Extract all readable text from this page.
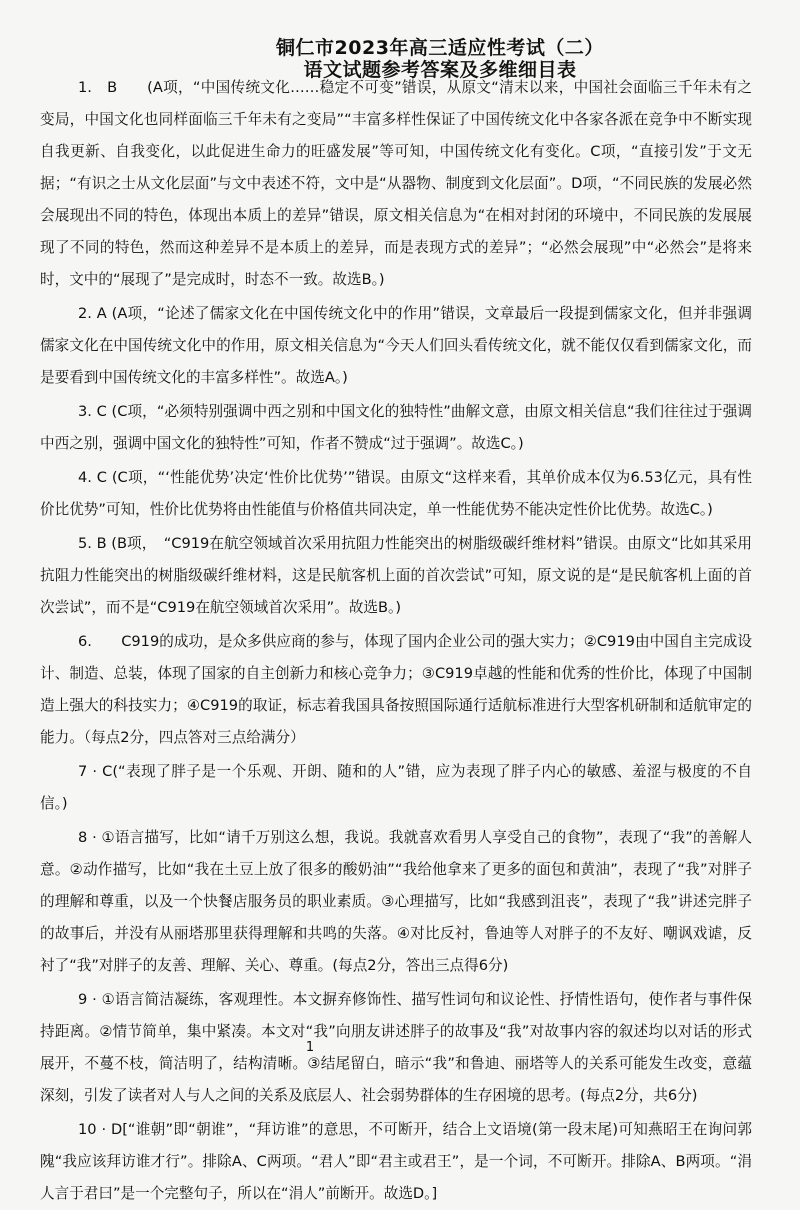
铜仁市2023年高三适应性考试（二）
语文试题参考答案及多维细目表

1.　B　　(A项，“中国传统文化……稳定不可变”错误，从原文“清末以来，中国社会面临三千年未有之变局，中国文化也同样面临三千年未有之变局”“丰富多样性保证了中国传统文化中各家各派在竞争中不断实现自我更新、自我变化，以此促进生命力的旺盛发展”等可知，中国传统文化有变化。C项，“直接引发”于文无据；“有识之士从文化层面”与文中表述不符，文中是“从器物、制度到文化层面”。D项，“不同民族的发展必然会展现出不同的特色，体现出本质上的差异”错误，原文相关信息为“在相对封闭的环境中，不同民族的发展展现了不同的特色，然而这种差异不是本质上的差异，而是表现方式的差异”；“必然会展现”中“必然会”是将来时，文中的“展现了”是完成时，时态不一致。故选B。)

2. A (A项，“论述了儒家文化在中国传统文化中的作用”错误，文章最后一段提到儒家文化，但并非强调儒家文化在中国传统文化中的作用，原文相关信息为“今天人们回头看传统文化，就不能仅仅看到儒家文化，而是要看到中国传统文化的丰富多样性”。故选A。)

3. C (C项，“必须特别强调中西之别和中国文化的独特性”曲解文意，由原文相关信息“我们往往过于强调中西之别，强调中国文化的独特性”可知，作者不赞成“过于强调”。故选C。)

4. C (C项，“‘性能优势’决定‘性价比优势’”错误。由原文“这样来看，其单价成本仅为6.53亿元，具有性价比优势”可知，性价比优势将由性能值与价格值共同决定，单一性能优势不能决定性价比优势。故选C。)

5. B (B项，　“C919在航空领域首次采用抗阻力性能突出的树脂级碳纤维材料”错误。由原文“比如其采用抗阻力性能突出的树脂级碳纤维材料，这是民航客机上面的首次尝试”可知，原文说的是“是民航客机上面的首次尝试”，而不是“C919在航空领域首次采用”。故选B。)

6.　　C919的成功，是众多供应商的参与，体现了国内企业公司的强大实力；②C919由中国自主完成设计、制造、总装，体现了国家的自主创新力和核心竞争力；③C919卓越的性能和优秀的性价比，体现了中国制造上强大的科技实力；④C919的取证，标志着我国具备按照国际通行适航标准进行大型客机研制和适航审定的能力。（每点2分，四点答对三点给满分）

7 · C(“表现了胖子是一个乐观、开朗、随和的人”错，应为表现了胖子内心的敏感、羞涩与极度的不自信。)

8 · ①语言描写，比如“请千万别这么想，我说。我就喜欢看男人享受自己的食物”，表现了“我”的善解人意。②动作描写，比如“我在土豆上放了很多的酸奶油”“我给他拿来了更多的面包和黄油”，表现了“我”对胖子的理解和尊重，以及一个快餐店服务员的职业素质。③心理描写，比如“我感到沮丧”，表现了“我”讲述完胖子的故事后，并没有从丽塔那里获得理解和共鸣的失落。④对比反衬，鲁迪等人对胖子的不友好、嘲讽戏谑，反衬了“我”对胖子的友善、理解、关心、尊重。(每点2分，答出三点得6分)

9 · ①语言简洁凝练，客观理性。本文摒弃修饰性、描写性词句和议论性、抒情性语句，使作者与事件保持距离。②情节简单，集中紧凑。本文对“我”向朋友讲述胖子的故事及“我”对故事内容的叙述均以对话的形式展开，不蔓不枝，简洁明了，结构清晰。③结尾留白，暗示“我”和鲁迪、丽塔等人的关系可能发生改变，意蕴深刻，引发了读者对人与人之间的关系及底层人、社会弱势群体的生存困境的思考。(每点2分，共6分)

10 · D[“谁朝”即“朝谁”，“拜访谁”的意思，不可断开，结合上文语境(第一段末尾)可知燕昭王在询问郭隗“我应该拜访谁才行”。排除A、C两项。“君人”即“君主或君王”，是一个词，不可断开。排除A、B两项。“涓人言于君曰”是一个完整句子，所以在“涓人”前断开。故选D。]

1
